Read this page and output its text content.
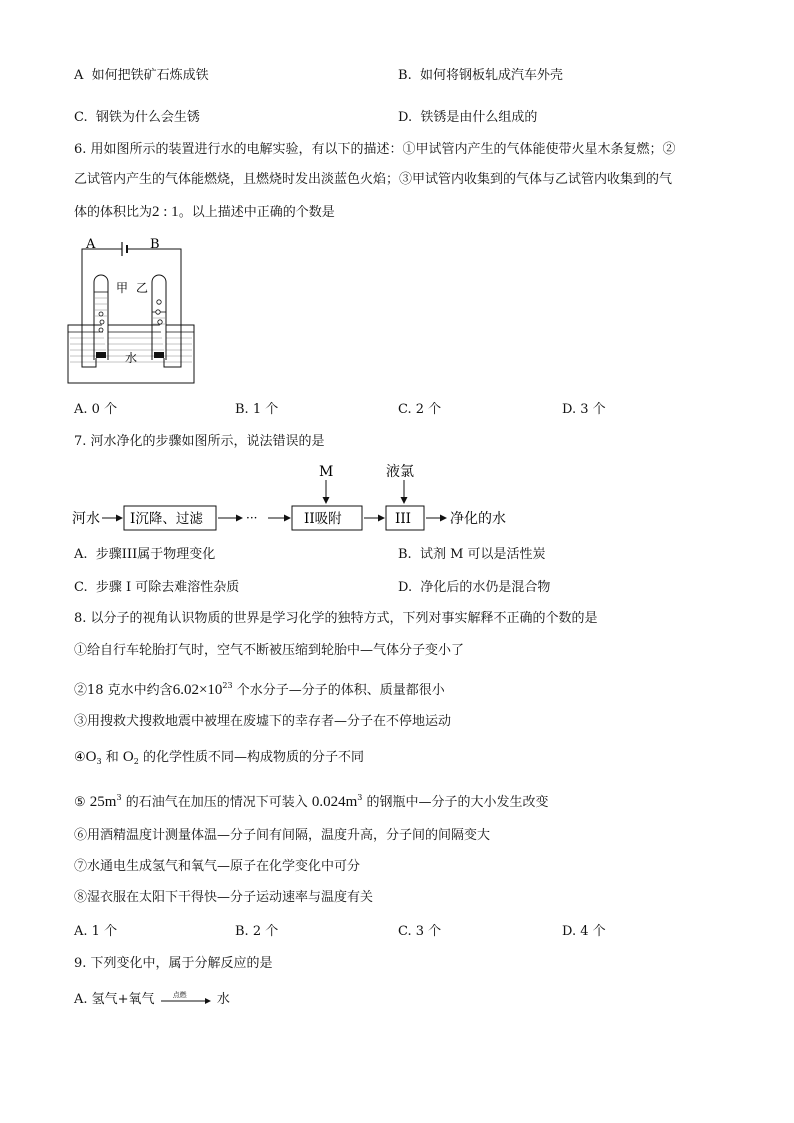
A 如何把铁矿石炼成铁	B.  如何将钢板轧成汽车外壳
C.  钢铁为什么会生锈	D.  铁锈是由什么组成的
6. 用如图所示的装置进行水的电解实验，有以下的描述：①甲试管内产生的气体能使带火星木条复燃；②
乙试管内产生的气体能燃烧，且燃烧时发出淡蓝色火焰；③甲试管内收集到的气体与乙试管内收集到的气
体的体积比为2 : 1。以上描述中正确的个数是
A	B
甲 乙
水
A. 0 个	B. 1 个	C. 2 个	D. 3 个
7. 河水净化的步骤如图所示，说法错误的是
河水 I沉降、过滤	···	II吸附
M
III
液氯
净化的水
A. 步骤III属于物理变化	B. 试剂 M 可以是活性炭
C. 步骤 I 可除去难溶性杂质	D. 净化后的水仍是混合物
8. 以分子的视角认识物质的世界是学习化学的独特方式，下列对事实解释不正确的个数的是
①给自行车轮胎打气时，空气不断被压缩到轮胎中—气体分子变小了
②18 克水中约含$6.02\times 10^{23}$ 个水分子—分子的体积、质量都很小
③用搜救犬搜救地震中被埋在废墟下的幸存者—分子在不停地运动
$④O_3$ 和 $O_2$ 的化学性质不同—构成物质的分子不同
⑤ $25m^3$ 的石油气在加压的情况下可装入 $0.024m^3$ 的钢瓶中—分子的大小发生改变
⑥用酒精温度计测量体温—分子间有间隔，温度升高，分子间的间隔变大
⑦水通电生成氢气和氧气—原子在化学变化中可分
⑧湿衣服在太阳下干得快—分子运动速率与温度有关
A. 1 个	B. 2 个	C. 3 个	D. 4 个
9. 下列变化中，属于分解反应的是
A. 氢气+氧气	点燃 水
